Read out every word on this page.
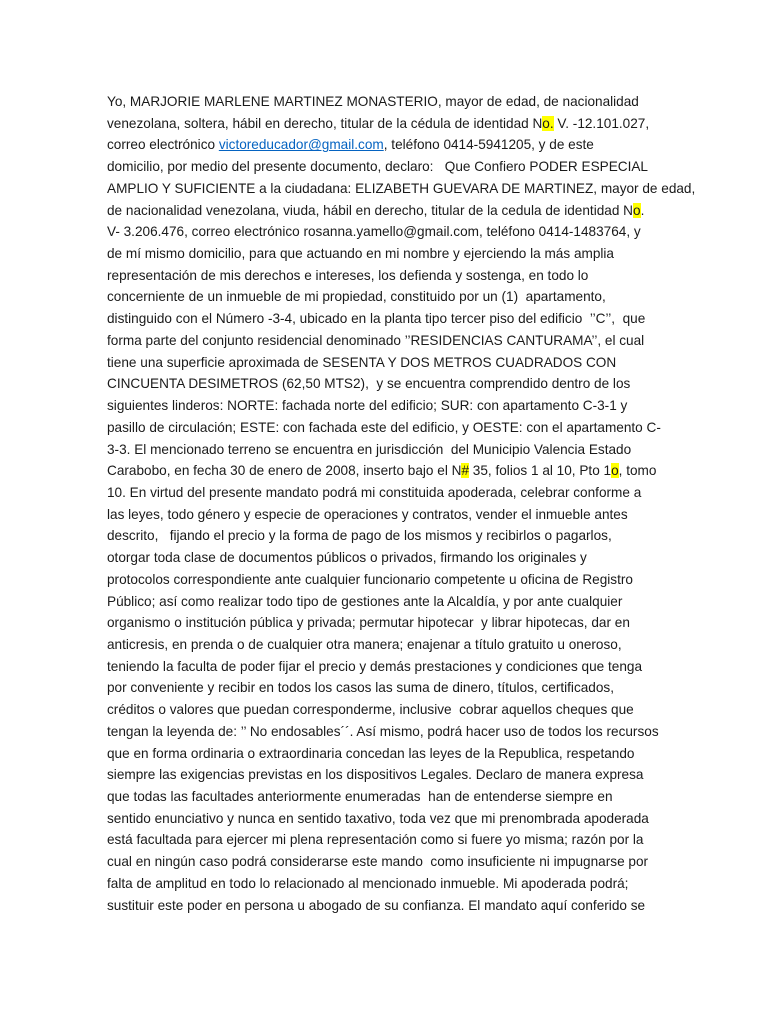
Yo, MARJORIE MARLENE MARTINEZ MONASTERIO, mayor de edad, de nacionalidad
venezolana, soltera, hábil en derecho, titular de la cédula de identidad No. V. -12.101.027,
correo electrónico victoreducador@gmail.com, teléfono 0414-5941205, y de este
domicilio, por medio del presente documento, declaro:   Que Confiero PODER ESPECIAL
AMPLIO Y SUFICIENTE a la ciudadana: ELIZABETH GUEVARA DE MARTINEZ, mayor de edad,
de nacionalidad venezolana, viuda, hábil en derecho, titular de la cedula de identidad No.
V- 3.206.476, correo electrónico rosanna.yamello@gmail.com, teléfono 0414-1483764, y
de mí mismo domicilio, para que actuando en mi nombre y ejerciendo la más amplia
representación de mis derechos e intereses, los defienda y sostenga, en todo lo
concerniente de un inmueble de mi propiedad, constituido por un (1)  apartamento,
distinguido con el Número -3-4, ubicado en la planta tipo tercer piso del edificio  ’’C’’,  que
forma parte del conjunto residencial denominado ’’RESIDENCIAS CANTURAMA’’, el cual
tiene una superficie aproximada de SESENTA Y DOS METROS CUADRADOS CON
CINCUENTA DESIMETROS (62,50 MTS2),  y se encuentra comprendido dentro de los
siguientes linderos: NORTE: fachada norte del edificio; SUR: con apartamento C-3-1 y
pasillo de circulación; ESTE: con fachada este del edificio, y OESTE: con el apartamento C-
3-3. El mencionado terreno se encuentra en jurisdicción  del Municipio Valencia Estado
Carabobo, en fecha 30 de enero de 2008, inserto bajo el N# 35, folios 1 al 10, Pto 1o, tomo
10. En virtud del presente mandato podrá mi constituida apoderada, celebrar conforme a
las leyes, todo género y especie de operaciones y contratos, vender el inmueble antes
descrito,   fijando el precio y la forma de pago de los mismos y recibirlos o pagarlos,
otorgar toda clase de documentos públicos o privados, firmando los originales y
protocolos correspondiente ante cualquier funcionario competente u oficina de Registro
Público; así como realizar todo tipo de gestiones ante la Alcaldía, y por ante cualquier
organismo o institución pública y privada; permutar hipotecar  y librar hipotecas, dar en
anticresis, en prenda o de cualquier otra manera; enajenar a título gratuito u oneroso,
teniendo la faculta de poder fijar el precio y demás prestaciones y condiciones que tenga
por conveniente y recibir en todos los casos las suma de dinero, títulos, certificados,
créditos o valores que puedan corresponderme, inclusive  cobrar aquellos cheques que
tengan la leyenda de: ’’ No endosables´´. Así mismo, podrá hacer uso de todos los recursos
que en forma ordinaria o extraordinaria concedan las leyes de la Republica, respetando
siempre las exigencias previstas en los dispositivos Legales. Declaro de manera expresa
que todas las facultades anteriormente enumeradas  han de entenderse siempre en
sentido enunciativo y nunca en sentido taxativo, toda vez que mi prenombrada apoderada
está facultada para ejercer mi plena representación como si fuere yo misma; razón por la
cual en ningún caso podrá considerarse este mando  como insuficiente ni impugnarse por
falta de amplitud en todo lo relacionado al mencionado inmueble. Mi apoderada podrá;
sustituir este poder en persona u abogado de su confianza. El mandato aquí conferido se
